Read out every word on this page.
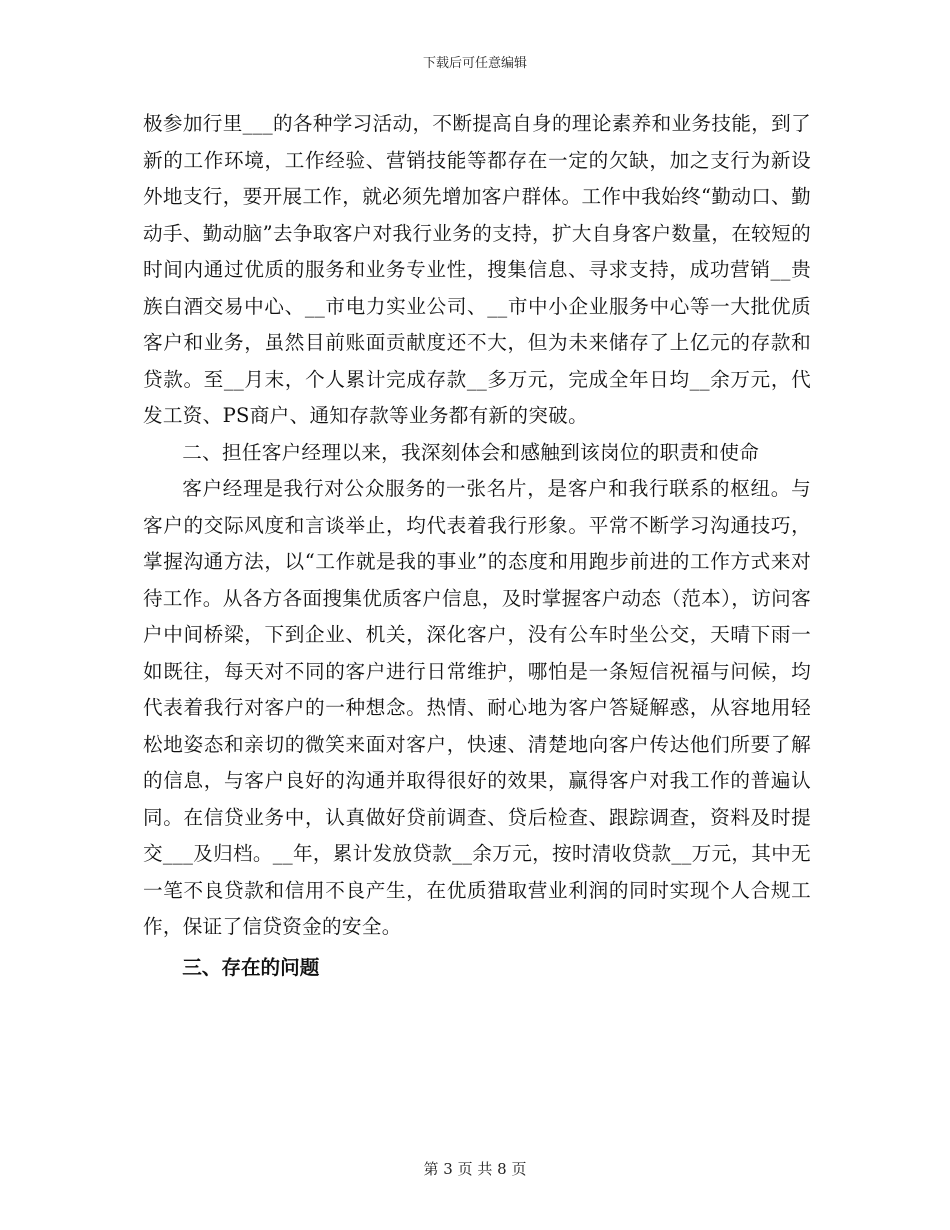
下载后可任意编辑

极参加行里___的各种学习活动，不断提高自身的理论素养和业务技能，到了新的工作环境，工作经验、营销技能等都存在一定的欠缺，加之支行为新设外地支行，要开展工作，就必须先增加客户群体。工作中我始终“勤动口、勤动手、勤动脑”去争取客户对我行业务的支持，扩大自身客户数量，在较短的时间内通过优质的服务和业务专业性，搜集信息、寻求支持，成功营销__贵族白酒交易中心、__市电力实业公司、__市中小企业服务中心等一大批优质客户和业务，虽然目前账面贡献度还不大，但为未来储存了上亿元的存款和贷款。至__月末，个人累计完成存款__多万元，完成全年日均__余万元，代发工资、PS商户、通知存款等业务都有新的突破。

二、担任客户经理以来，我深刻体会和感触到该岗位的职责和使命

客户经理是我行对公众服务的一张名片，是客户和我行联系的枢纽。与客户的交际风度和言谈举止，均代表着我行形象。平常不断学习沟通技巧，掌握沟通方法，以“工作就是我的事业”的态度和用跑步前进的工作方式来对待工作。从各方各面搜集优质客户信息，及时掌握客户动态（范本），访问客户中间桥梁，下到企业、机关，深化客户，没有公车时坐公交，天晴下雨一如既往，每天对不同的客户进行日常维护，哪怕是一条短信祝福与问候，均代表着我行对客户的一种想念。热情、耐心地为客户答疑解惑，从容地用轻松地姿态和亲切的微笑来面对客户，快速、清楚地向客户传达他们所要了解的信息，与客户良好的沟通并取得很好的效果，赢得客户对我工作的普遍认同。在信贷业务中，认真做好贷前调查、贷后检查、跟踪调查，资料及时提交___及归档。__年，累计发放贷款__余万元，按时清收贷款__万元，其中无一笔不良贷款和信用不良产生，在优质猎取营业利润的同时实现个人合规工作，保证了信贷资金的安全。

三、存在的问题

第 3 页 共 8 页
